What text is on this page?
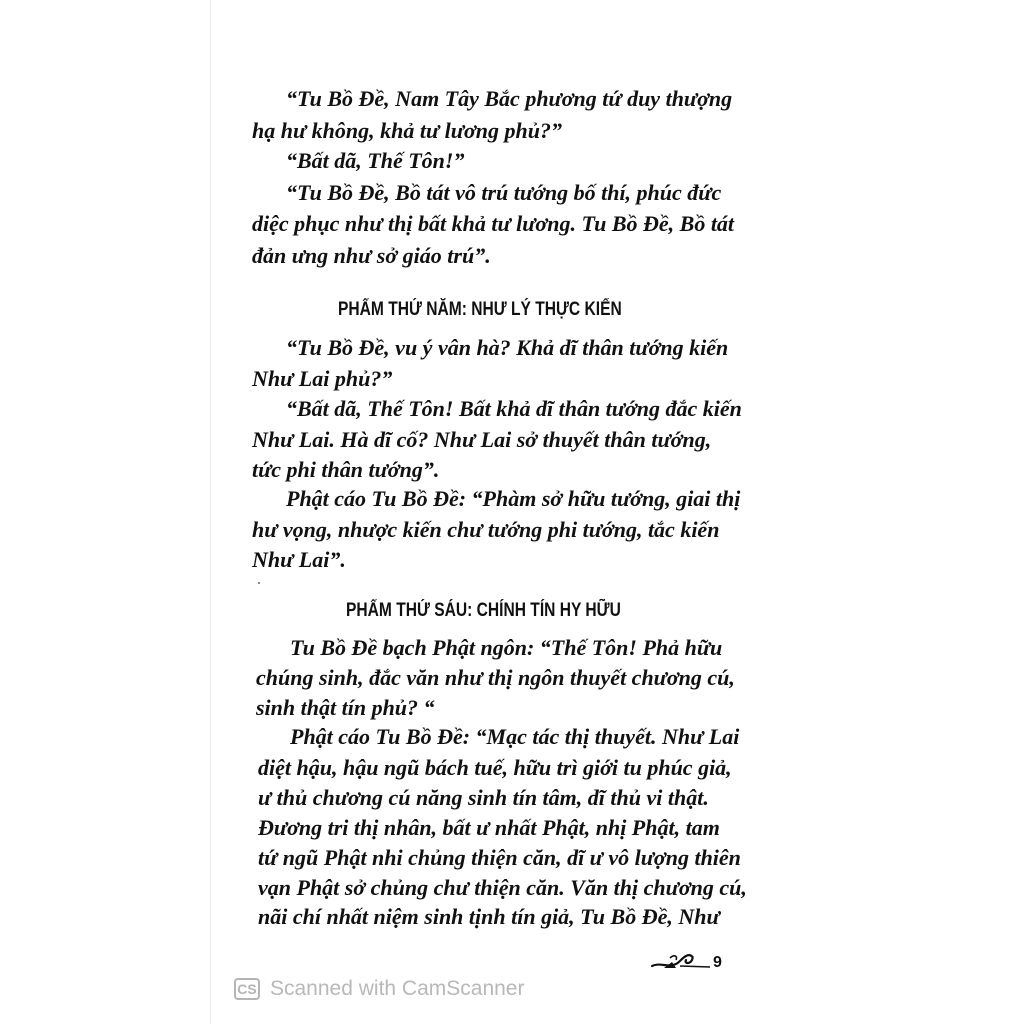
“Tu Bồ Đề, Nam Tây Bắc phương tứ duy thượng
hạ hư không, khả tư lương phủ?”
“Bất dã, Thế Tôn!”
“Tu Bồ Đề, Bồ tát vô trú tướng bố thí, phúc đức
diệc phục như thị bất khả tư lương. Tu Bồ Đề, Bồ tát
đản ưng như sở giáo trú”.
PHẨM THỨ NĂM: NHƯ LÝ THỰC KIẾN
“Tu Bồ Đề, vu ý vân hà? Khả dĩ thân tướng kiến
Như Lai phủ?”
“Bất dã, Thế Tôn! Bất khả dĩ thân tướng đắc kiến
Như Lai. Hà dĩ cố? Như Lai sở thuyết thân tướng,
tức phi thân tướng”.
Phật cáo Tu Bồ Đề: “Phàm sở hữu tướng, giai thị
hư vọng, nhược kiến chư tướng phi tướng, tắc kiến
Như Lai”.
PHẨM THỨ SÁU: CHÍNH TÍN HY HỮU
Tu Bồ Đề bạch Phật ngôn: “Thế Tôn! Phả hữu
chúng sinh, đắc văn như thị ngôn thuyết chương cú,
sinh thật tín phủ? “
Phật cáo Tu Bồ Đề: “Mạc tác thị thuyết. Như Lai
diệt hậu, hậu ngũ bách tuế, hữu trì giới tu phúc giả,
ư thủ chương cú năng sinh tín tâm, dĩ thủ vi thật.
Đương tri thị nhân, bất ư nhất Phật, nhị Phật, tam
tứ ngũ Phật nhi chủng thiện căn, dĩ ư vô lượng thiên
vạn Phật sở chủng chư thiện căn. Văn thị chương cú,
nãi chí nhất niệm sinh tịnh tín giả, Tu Bồ Đề, Như
9
CS Scanned with CamScanner
